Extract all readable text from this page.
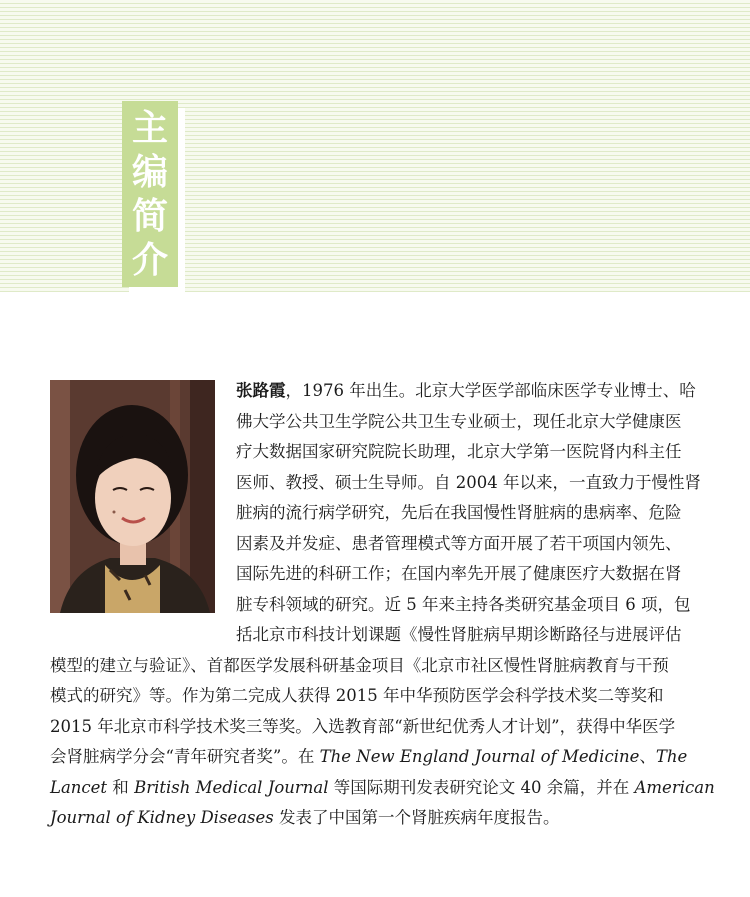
主
编
简
介
张路霞，1976 年出生。北京大学医学部临床医学专业博士、哈
佛大学公共卫生学院公共卫生专业硕士，现任北京大学健康医
疗大数据国家研究院院长助理，北京大学第一医院肾内科主任
医师、教授、硕士生导师。自 2004 年以来，一直致力于慢性肾
脏病的流行病学研究，先后在我国慢性肾脏病的患病率、危险
因素及并发症、患者管理模式等方面开展了若干项国内领先、
国际先进的科研工作；在国内率先开展了健康医疗大数据在肾
脏专科领域的研究。近 5 年来主持各类研究基金项目 6 项，包
括北京市科技计划课题《慢性肾脏病早期诊断路径与进展评估
模型的建立与验证》、首都医学发展科研基金项目《北京市社区慢性肾脏病教育与干预
模式的研究》等。作为第二完成人获得 2015 年中华预防医学会科学技术奖二等奖和
2015 年北京市科学技术奖三等奖。入选教育部“新世纪优秀人才计划”，获得中华医学
会肾脏病学分会“青年研究者奖”。在 The New England Journal of Medicine、The
Lancet 和 British Medical Journal 等国际期刊发表研究论文 40 余篇，并在 American
Journal of Kidney Diseases 发表了中国第一个肾脏疾病年度报告。
